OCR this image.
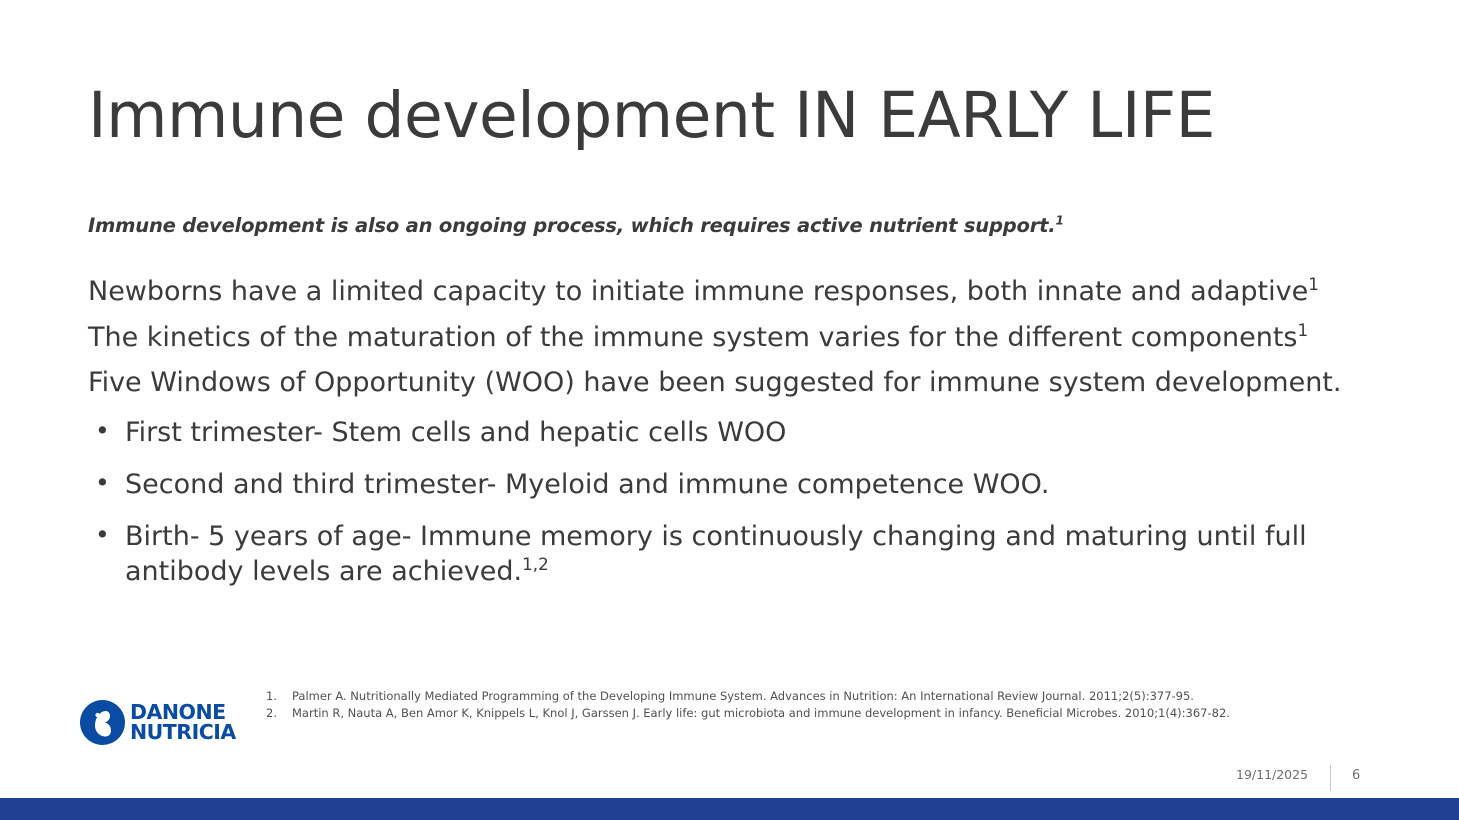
Immune development IN EARLY LIFE
Immune development is also an ongoing process, which requires active nutrient support.$^1$

Newborns have a limited capacity to initiate immune responses, both innate and adaptive$^1$

The kinetics of the maturation of the immune system varies for the different components$^1$

Five Windows of Opportunity (WOO) have been suggested for immune system development.

• First trimester- Stem cells and hepatic cells WOO
• Second and third trimester- Myeloid and immune competence WOO.
• Birth- 5 years of age- Immune memory is continuously changing and maturing until full antibody levels are achieved.$^{1,2}$
DANONE
NUTRICIA
1.	Palmer A. Nutritionally Mediated Programming of the Developing Immune System. Advances in Nutrition: An International Review Journal. 2011;2(5):377-95.
2.	Martin R, Nauta A, Ben Amor K, Knippels L, Knol J, Garssen J. Early life: gut microbiota and immune development in infancy. Beneficial Microbes. 2010;1(4):367-82.
19/11/2025	6
